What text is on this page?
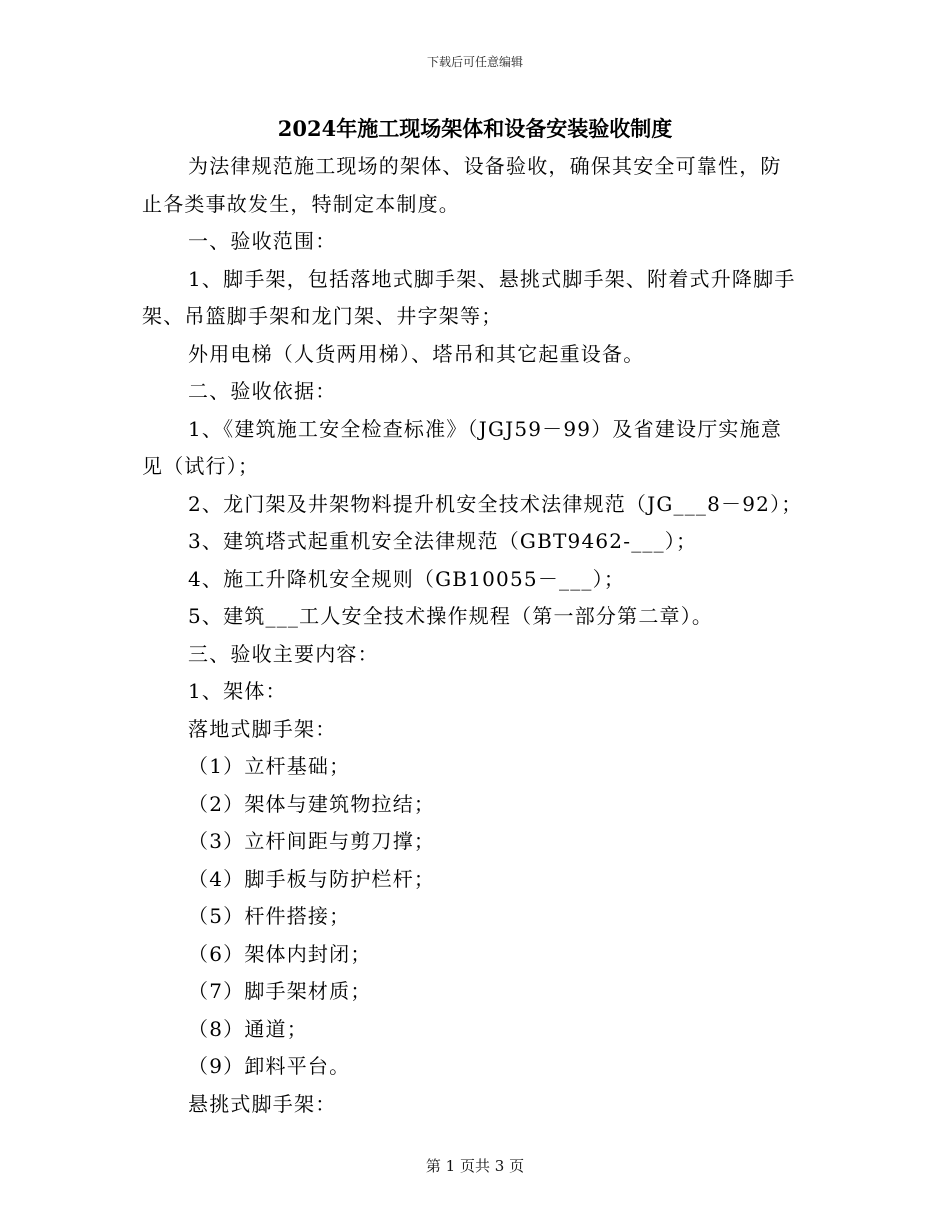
下载后可任意编辑
2024年施工现场架体和设备安装验收制度

为法律规范施工现场的架体、设备验收，确保其安全可靠性，防
止各类事故发生，特制定本制度。

一、验收范围：

1、脚手架，包括落地式脚手架、悬挑式脚手架、附着式升降脚手
架、吊篮脚手架和龙门架、井字架等；

外用电梯（人货两用梯）、塔吊和其它起重设备。

二、验收依据：

1、《建筑施工安全检查标准》（JGJ59－99）及省建设厅实施意
见（试行）；

2、龙门架及井架物料提升机安全技术法律规范（JG___8－92）；

3、建筑塔式起重机安全法律规范（GBT9462-___）；

4、施工升降机安全规则（GB10055－___）；

5、建筑___工人安全技术操作规程（第一部分第二章）。

三、验收主要内容：

1、架体：

落地式脚手架：

（1）立杆基础；

（2）架体与建筑物拉结；

（3）立杆间距与剪刀撑；

（4）脚手板与防护栏杆；

（5）杆件搭接；

（6）架体内封闭；

（7）脚手架材质；

（8）通道；

（9）卸料平台。

悬挑式脚手架：

第 1 页共 3 页
